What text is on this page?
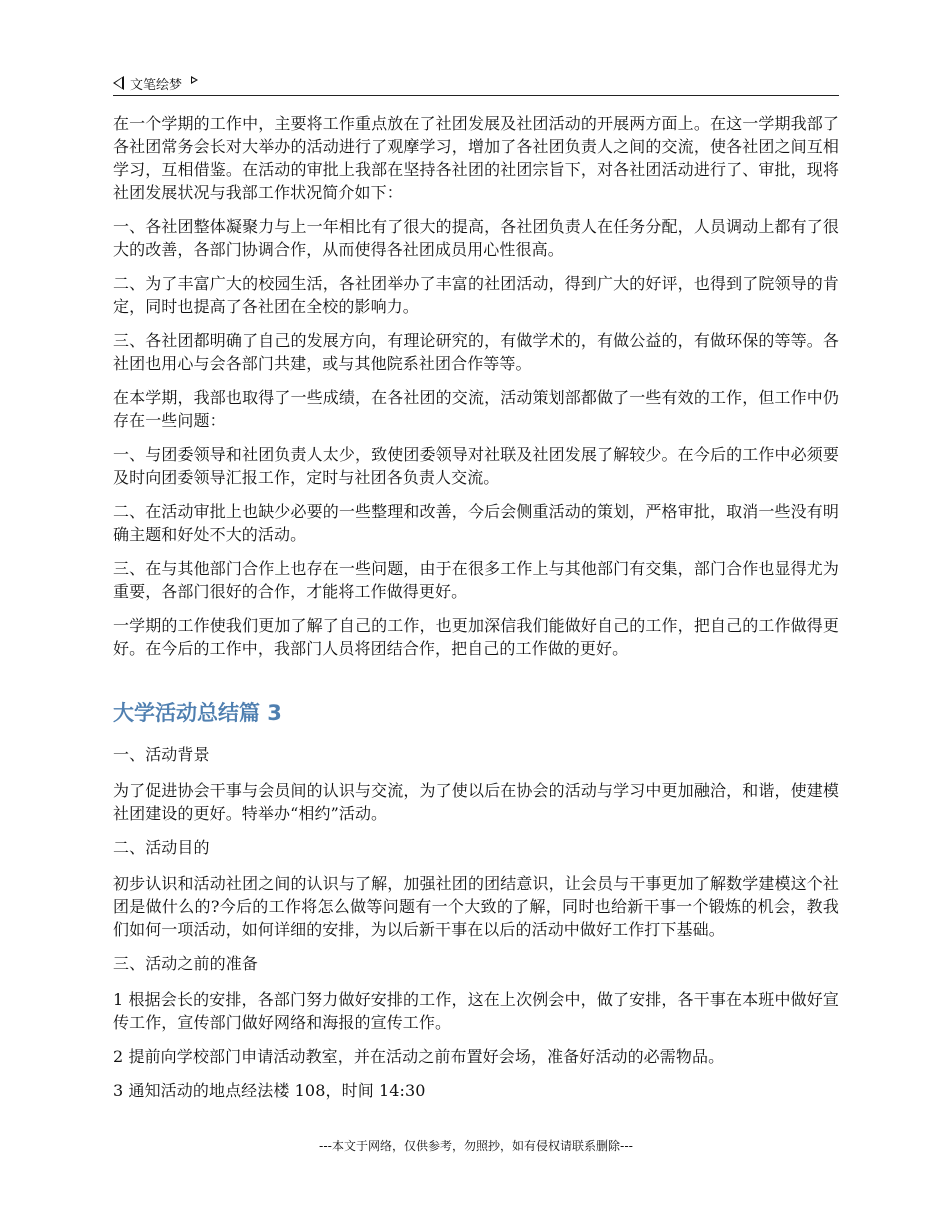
文笔绘梦

在一个学期的工作中，主要将工作重点放在了社团发展及社团活动的开展两方面上。在这一学期我部了各社团常务会长对大举办的活动进行了观摩学习，增加了各社团负责人之间的交流，使各社团之间互相学习，互相借鉴。在活动的审批上我部在坚持各社团的社团宗旨下，对各社团活动进行了、审批，现将社团发展状况与我部工作状况简介如下：

一、各社团整体凝聚力与上一年相比有了很大的提高，各社团负责人在任务分配，人员调动上都有了很大的改善，各部门协调合作，从而使得各社团成员用心性很高。

二、为了丰富广大的校园生活，各社团举办了丰富的社团活动，得到广大的好评，也得到了院领导的肯定，同时也提高了各社团在全校的影响力。

三、各社团都明确了自己的发展方向，有理论研究的，有做学术的，有做公益的，有做环保的等等。各社团也用心与会各部门共建，或与其他院系社团合作等等。

在本学期，我部也取得了一些成绩，在各社团的交流，活动策划部都做了一些有效的工作，但工作中仍存在一些问题：

一、与团委领导和社团负责人太少，致使团委领导对社联及社团发展了解较少。在今后的工作中必须要及时向团委领导汇报工作，定时与社团各负责人交流。

二、在活动审批上也缺少必要的一些整理和改善，今后会侧重活动的策划，严格审批，取消一些没有明确主题和好处不大的活动。

三、在与其他部门合作上也存在一些问题，由于在很多工作上与其他部门有交集，部门合作也显得尤为重要，各部门很好的合作，才能将工作做得更好。

一学期的工作使我们更加了解了自己的工作，也更加深信我们能做好自己的工作，把自己的工作做得更好。在今后的工作中，我部门人员将团结合作，把自己的工作做的更好。

大学活动总结篇 3

一、活动背景

为了促进协会干事与会员间的认识与交流，为了使以后在协会的活动与学习中更加融洽，和谐，使建模社团建设的更好。特举办“相约”活动。

二、活动目的

初步认识和活动社团之间的认识与了解，加强社团的团结意识，让会员与干事更加了解数学建模这个社团是做什么的?今后的工作将怎么做等问题有一个大致的了解，同时也给新干事一个锻炼的机会，教我们如何一项活动，如何详细的安排，为以后新干事在以后的活动中做好工作打下基础。

三、活动之前的准备

1 根据会长的安排，各部门努力做好安排的工作，这在上次例会中，做了安排，各干事在本班中做好宣传工作，宣传部门做好网络和海报的宣传工作。

2 提前向学校部门申请活动教室，并在活动之前布置好会场，准备好活动的必需物品。

3 通知活动的地点经法楼 108，时间 14:30

---本文于网络，仅供参考，勿照抄，如有侵权请联系删除---
